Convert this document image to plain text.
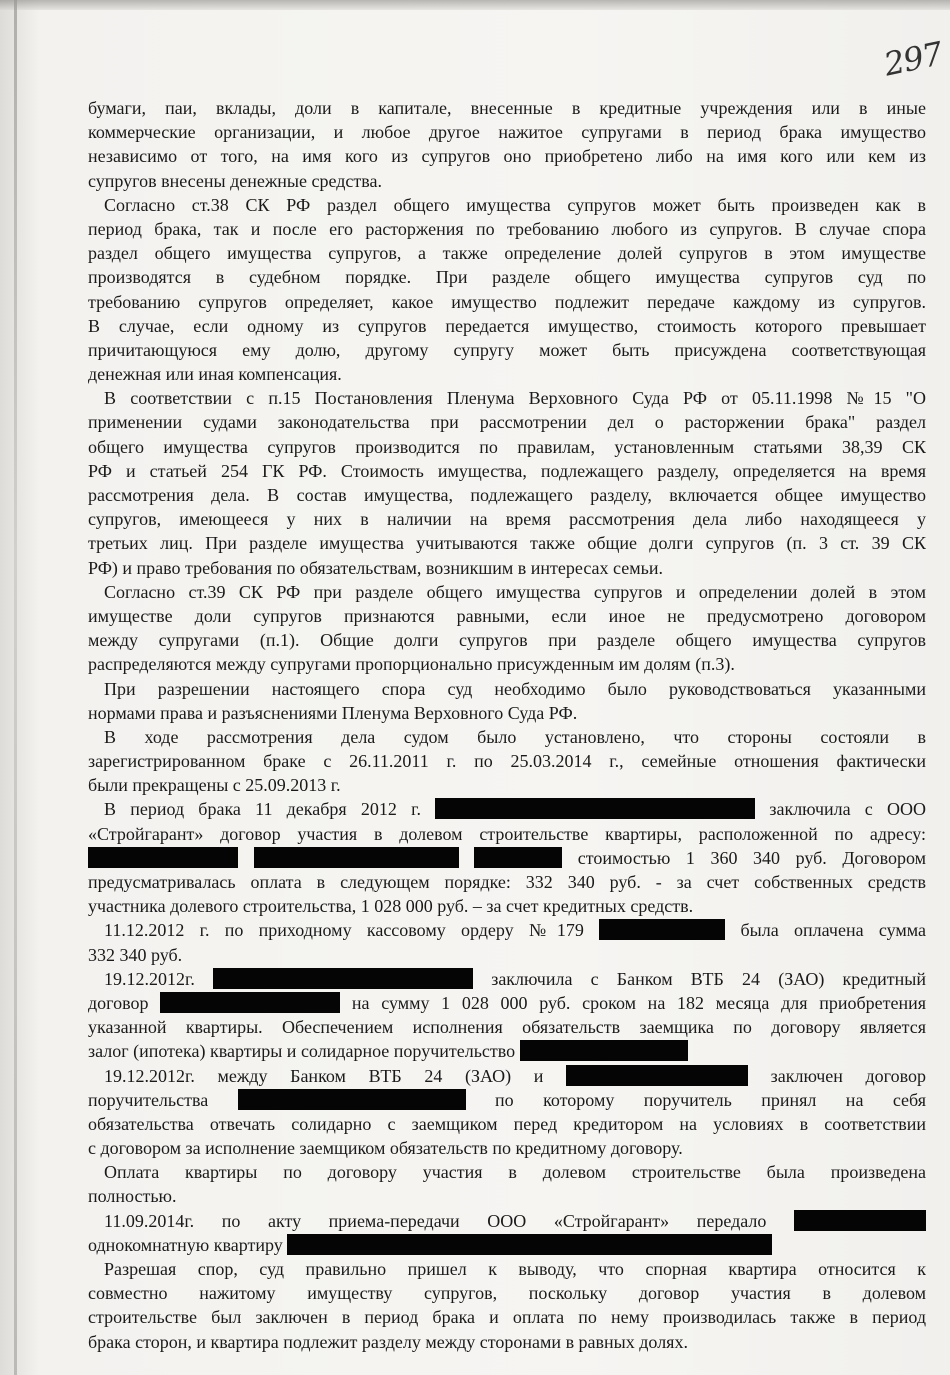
297
бумаги, паи, вклады, доли в капитале, внесенные в кредитные учреждения или в иные
коммерческие организации, и любое другое нажитое супругами в период брака имущество
независимо от того, на имя кого из супругов оно приобретено либо на имя кого или кем из
супругов внесены денежные средства.
Согласно ст.38 СК РФ раздел общего имущества супругов может быть произведен как в
период брака, так и после его расторжения по требованию любого из супругов. В случае спора
раздел общего имущества супругов, а также определение долей супругов в этом имуществе
производятся в судебном порядке. При разделе общего имущества супругов суд по
требованию супругов определяет, какое имущество подлежит передаче каждому из супругов.
В случае, если одному из супругов передается имущество, стоимость которого превышает
причитающуюся ему долю, другому супругу может быть присуждена соответствующая
денежная или иная компенсация.
В соответствии с п.15 Постановления Пленума Верховного Суда РФ от 05.11.1998 №15 "О
применении судами законодательства при рассмотрении дел о расторжении брака" раздел
общего имущества супругов производится по правилам, установленным статьями 38,39 СК
РФ и статьей 254 ГК РФ. Стоимость имущества, подлежащего разделу, определяется на время
рассмотрения дела. В состав имущества, подлежащего разделу, включается общее имущество
супругов, имеющееся у них в наличии на время рассмотрения дела либо находящееся у
третьих лиц. При разделе имущества учитываются также общие долги супругов (п. 3 ст. 39 СК
РФ) и право требования по обязательствам, возникшим в интересах семьи.
Согласно ст.39 СК РФ при разделе общего имущества супругов и определении долей в этом
имуществе доли супругов признаются равными, если иное не предусмотрено договором
между супругами (п.1). Общие долги супругов при разделе общего имущества супругов
распределяются между супругами пропорционально присужденным им долям (п.3).
При разрешении настоящего спора суд необходимо было руководствоваться указанными
нормами права и разъяснениями Пленума Верховного Суда РФ.
В ходе рассмотрения дела судом было установлено, что стороны состояли в
зарегистрированном браке с 26.11.2011 г. по 25.03.2014 г., семейные отношения фактически
были прекращены с 25.09.2013 г.
В период брака 11 декабря 2012 г.	заключила с ООО
«Стройгарант» договор участия в долевом строительстве квартиры, расположенной по адресу:
стоимостью 1 360 340 руб. Договором
предусматривалась оплата в следующем порядке: 332 340 руб. - за счет собственных средств
участника долевого строительства, 1 028 000 руб. – за счет кредитных средств.
11.12.2012 г. по приходному кассовому ордеру №179	была оплачена сумма
332 340 руб.
19.12.2012г.	заключила с Банком ВТБ 24 (ЗАО) кредитный
договор	на сумму 1 028 000 руб. сроком на 182 месяца для приобретения
указанной квартиры. Обеспечением исполнения обязательств заемщика по договору является
залог (ипотека) квартиры и солидарное поручительство
19.12.2012г. между Банком ВТБ 24 (ЗАО) и	заключен договор
поручительства	по которому поручитель принял на себя
обязательства отвечать солидарно с заемщиком перед кредитором на условиях в соответствии
с договором за исполнение заемщиком обязательств по кредитному договору.
Оплата квартиры по договору участия в долевом строительстве была произведена
полностью.
11.09.2014г. по акту приема-передачи ООО «Стройгарант» передало
однокомнатную квартиру
Разрешая спор, суд правильно пришел к выводу, что спорная квартира относится к
совместно нажитому имуществу супругов, поскольку договор участия в долевом
строительстве был заключен в период брака и оплата по нему производилась также в период
брака сторон, и квартира подлежит разделу между сторонами в равных долях.
